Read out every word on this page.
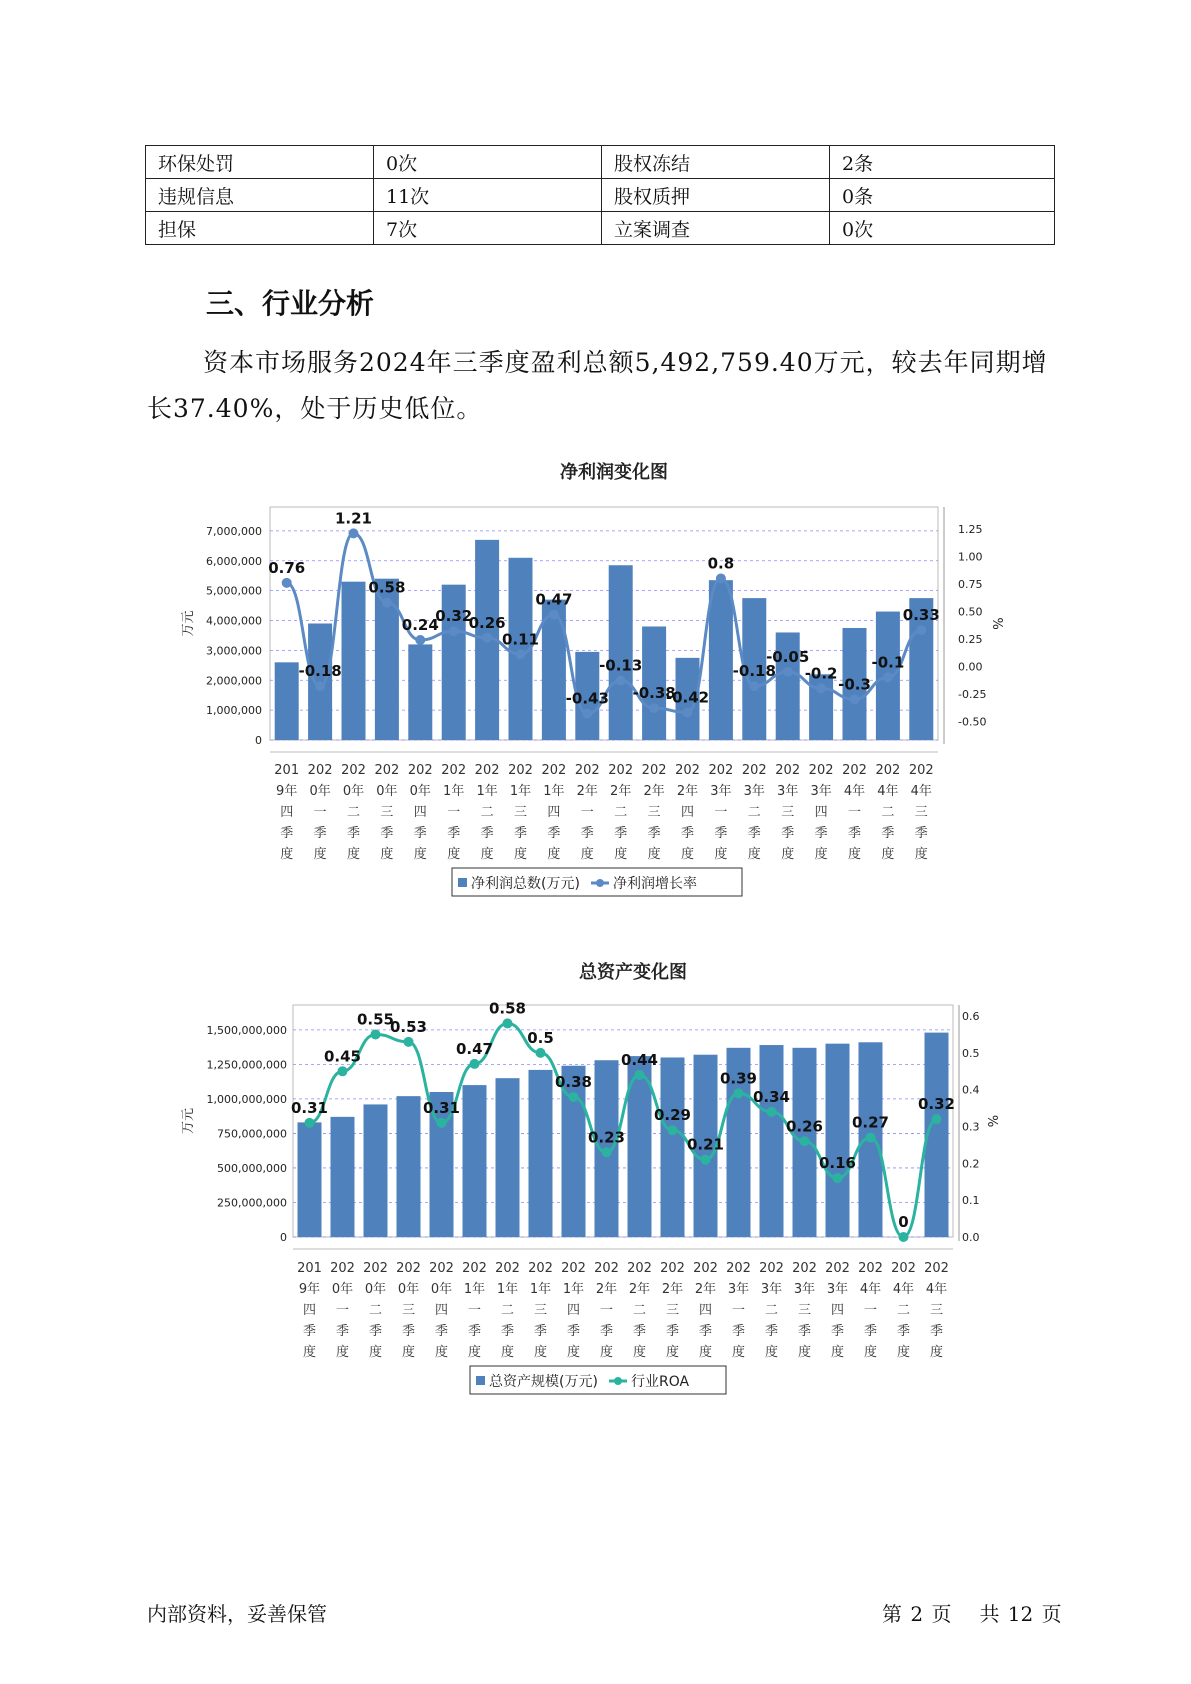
环保处罚	0次	股权冻结	2条
违规信息	11次	股权质押	0条
担保	7次	立案调查	0次
三、行业分析

资本市场服务2024年三季度盈利总额5,492,759.40万元，较去年同期增长37.40%，处于历史低位。

净利润变化图
0
1,000,000
2,000,000
3,000,000
4,000,000
5,000,000
6,000,000
7,000,000
-0.50
-0.25
0.00
0.25
0.50
0.75
1.00
1.25
万元	%
0.76
-0.18
1.21
0.58
0.24
0.32
0.26
0.11
0.47
-0.43
-0.13
-0.38
-0.42
0.8
-0.18
-0.05
-0.2
-0.3
-0.1
0.33
201 9年四季度
202 0年一季度
202 0年二季度
202 0年三季度
202 0年四季度
202 1年一季度
202 1年二季度
202 1年三季度
202 1年四季度
202 2年一季度
202 2年二季度
202 2年三季度
202 2年四季度
202 3年一季度
202 3年二季度
202 3年三季度
202 3年四季度
202 4年一季度
202 4年二季度
202 4年三季度
净利润总数(万元) 净利润增长率
总资产变化图
0
250,000,000
500,000,000
750,000,000
1,000,000,000
1,250,000,000
1,500,000,000
0.0
0.1
0.2
0.3
0.4
0.5
0.6
万元	%
0.31
0.45
0.55
0.53
0.31
0.47
0.58
0.5
0.38
0.23
0.44
0.29
0.21
0.39
0.34
0.26
0.16
0.27
0
0.32
201 9年四季度
202 0年一季度
202 0年二季度
202 0年三季度
202 0年四季度
202 1年一季度
202 1年二季度
202 1年三季度
202 1年四季度
202 2年一季度
202 2年二季度
202 2年三季度
202 2年四季度
202 3年一季度
202 3年二季度
202 3年三季度
202 3年四季度
202 4年一季度
202 4年二季度
202 4年三季度
总资产规模(万元) 行业ROA
内部资料，妥善保管	第 2 页 共 12 页
